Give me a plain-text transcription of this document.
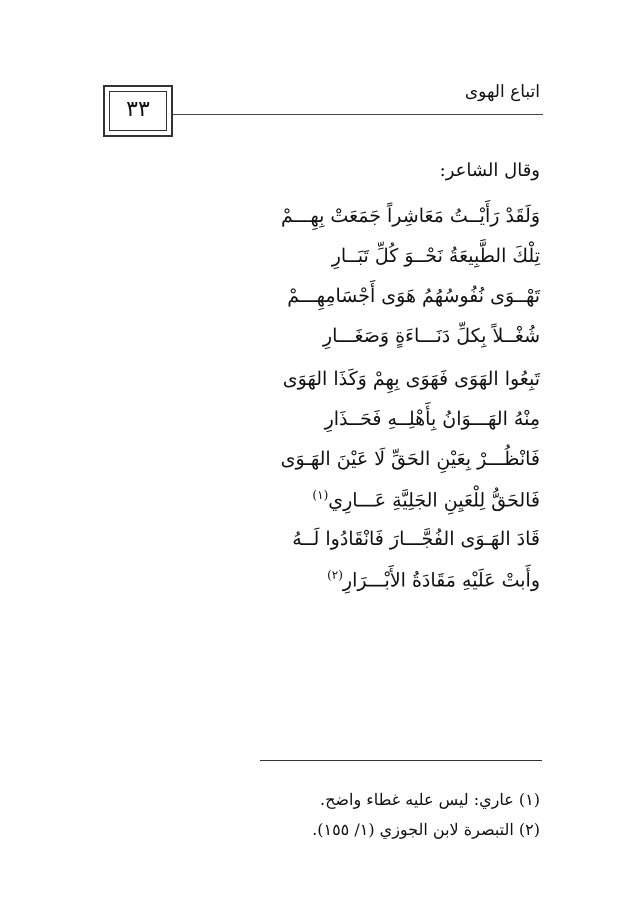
٣٣
اتباع الهوى
وقال الشاعر:
وَلَقَدْ رَأَيْــتُ مَعَاشِراً جَمَعَتْ بِهِـــمْ
تِلْكَ الطَّبِيعَةُ نَحْــوَ كُلِّ تَبَــارِ
تَهْــوَى نُفُوسُهُمُ هَوَى أَجْسَامِهِـــمْ
شُغْــلاً بِكلِّ دَنَـــاءَةٍ وَصَغَـــارِ
تَبِعُوا الهَوَى فَهَوَى بِهِمْ وَكَذَا الهَوَى
مِنْهُ الهَـــوَانُ بِأَهْلِــهِ فَحَــذَارِ
فَانْظُـــرْ بِعَيْنِ الحَقِّ لَا عَيْنَ الهَـوَى
فَالحَقُّ لِلْعَيِنِ الجَلِيَّةِ عَـــارِي$^{(١)}$
قَادَ الهَـوَى الفُجَّـــارَ فَانْقَادُوا لَــهُ
وأَبتْ عَلَيْهِ مَقَادَةُ الأَبْـــرَارِ$^{(٢)}$
(١) عاري: ليس عليه غطاء واضح.
(٢) التبصرة لابن الجوزي (١/ ١٥٥).
